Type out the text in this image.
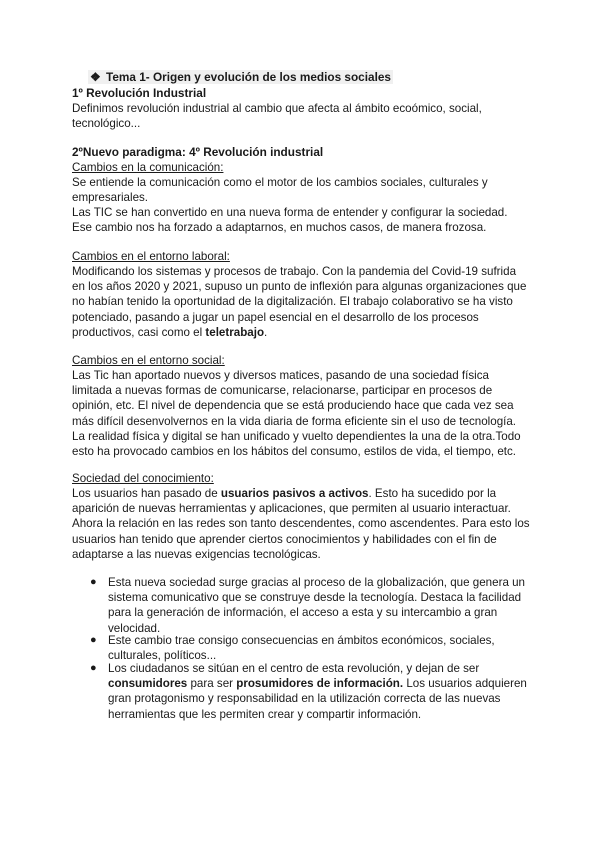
❖ Tema 1- Origen y evolución de los medios sociales

1º Revolución Industrial

Definimos revolución industrial al cambio que afecta al ámbito ecoómico, social, tecnológico...

2ºNuevo paradigma: 4º Revolución industrial

Cambios en la comunicación:

Se entiende la comunicación como el motor de los cambios sociales, culturales y empresariales.

Las TIC se han convertido en una nueva forma de entender y configurar la sociedad. Ese cambio nos ha forzado a adaptarnos, en muchos casos, de manera frozosa.

Cambios en el entorno laboral:

Modificando los sistemas y procesos de trabajo. Con la pandemia del Covid-19 sufrida en los años 2020 y 2021, supuso un punto de inflexión para algunas organizaciones que no habían tenido la oportunidad de la digitalización. El trabajo colaborativo se ha visto potenciado, pasando a jugar un papel esencial en el desarrollo de los procesos productivos, casi como el teletrabajo.

Cambios en el entorno social:

Las Tic han aportado nuevos y diversos matices, pasando de una sociedad física limitada a nuevas formas de comunicarse, relacionarse, participar en procesos de opinión, etc. El nivel de dependencia que se está produciendo hace que cada vez sea más difícil desenvolvernos en la vida diaria de forma eficiente sin el uso de tecnología. La realidad física y digital se han unificado y vuelto dependientes la una de la otra.Todo esto ha provocado cambios en los hábitos del consumo, estilos de vida, el tiempo, etc.

Sociedad del conocimiento:

Los usuarios han pasado de usuarios pasivos a activos. Esto ha sucedido por la aparición de nuevas herramientas y aplicaciones, que permiten al usuario interactuar. Ahora la relación en las redes son tanto descendentes, como ascendentes. Para esto los usuarios han tenido que aprender ciertos conocimientos y habilidades con el fin de adaptarse a las nuevas exigencias tecnológicas.

● Esta nueva sociedad surge gracias al proceso de la globalización, que genera un sistema comunicativo que se construye desde la tecnología. Destaca la facilidad para la generación de información, el acceso a esta y su intercambio a gran velocidad.
● Este cambio trae consigo consecuencias en ámbitos económicos, sociales, culturales, políticos...
● Los ciudadanos se sitúan en el centro de esta revolución, y dejan de ser consumidores para ser prosumidores de información. Los usuarios adquieren gran protagonismo y responsabilidad en la utilización correcta de las nuevas herramientas que les permiten crear y compartir información.
